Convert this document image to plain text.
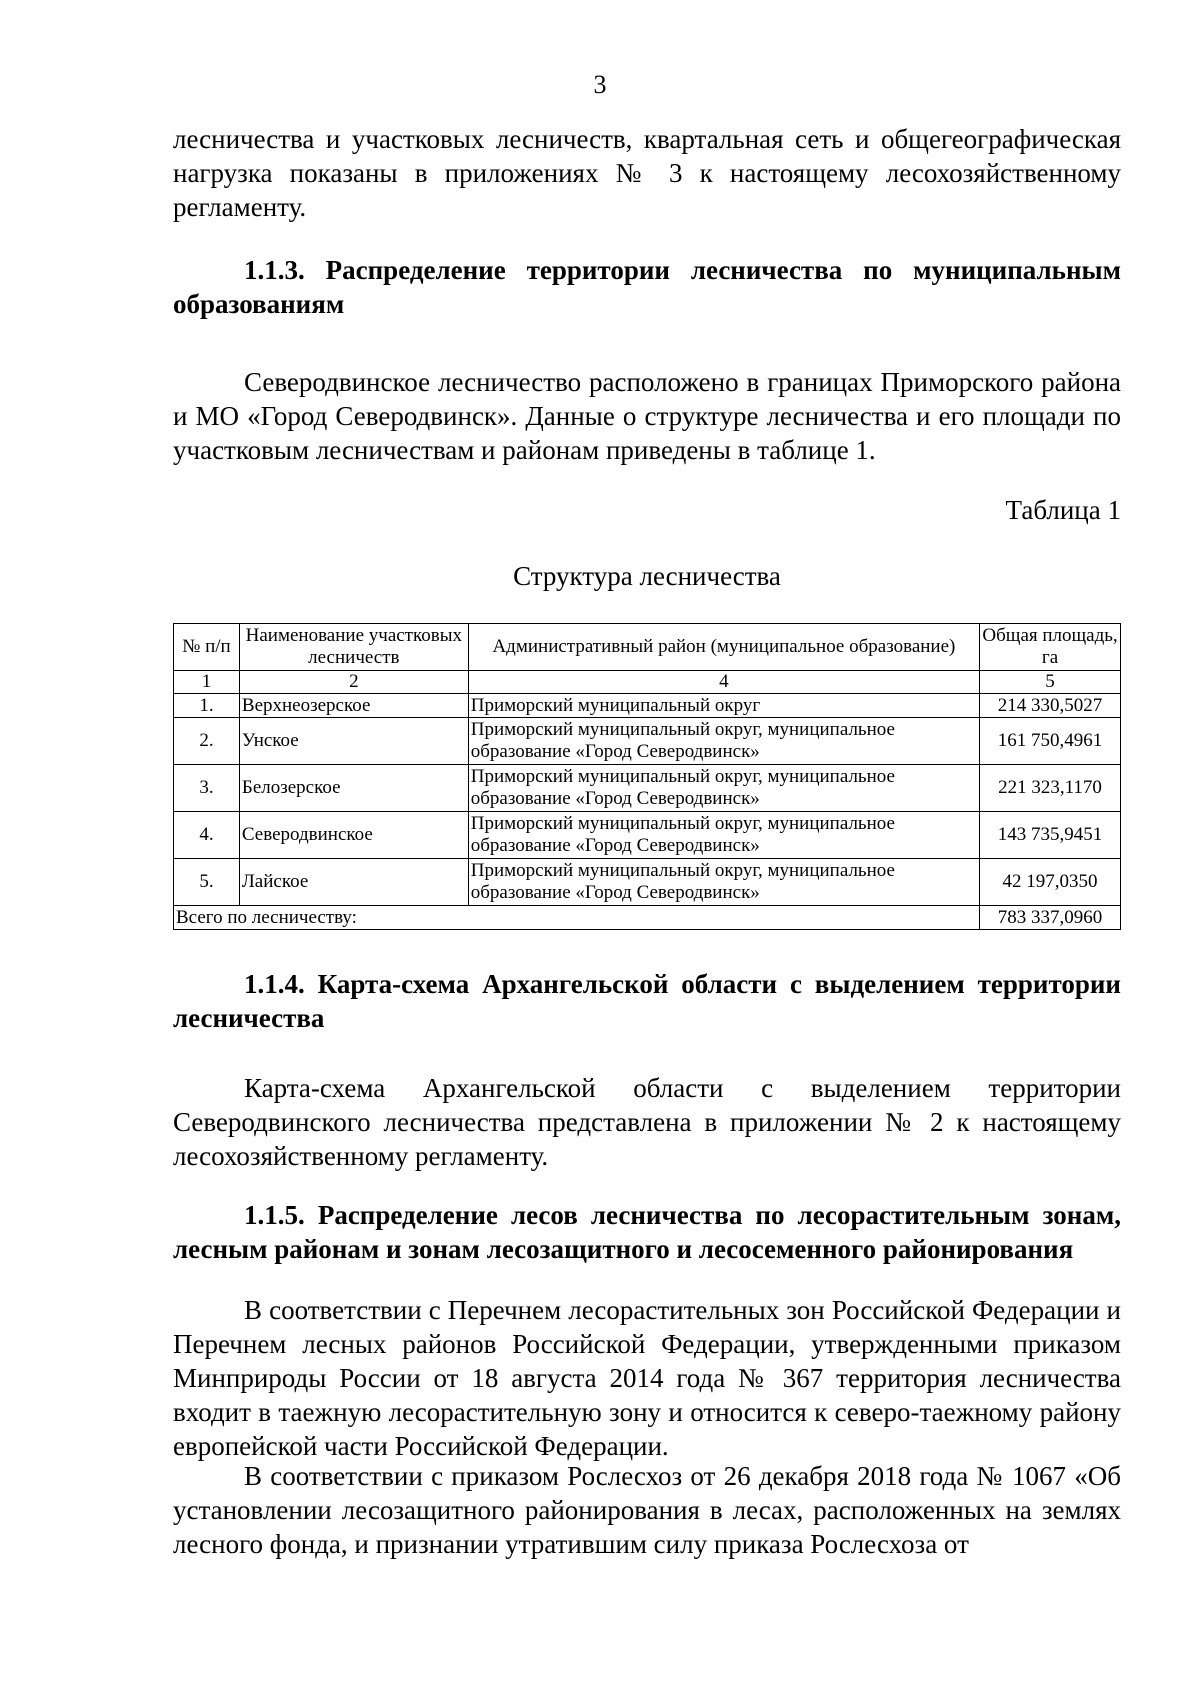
3

лесничества и участковых лесничеств, квартальная сеть и общегеографическая нагрузка показаны в приложениях № 3 к настоящему лесохозяйственному регламенту.

1.1.3. Распределение территории лесничества по муниципальным образованиям

Северодвинское лесничество расположено в границах Приморского района и МО «Город Северодвинск». Данные о структуре лесничества и его площади по участковым лесничествам и районам приведены в таблице 1.

Таблица 1
Структура лесничества
№ п/п	Наименование участковых лесничеств	Административный район (муниципальное образование)	Общая площадь, га
1	2	4	5
1.	Верхнеозерское	Приморский муниципальный округ	214 330,5027
2.	Унское	Приморский муниципальный округ, муниципальное образование «Город Северодвинск»	161 750,4961
3.	Белозерское	Приморский муниципальный округ, муниципальное образование «Город Северодвинск»	221 323,1170
4.	Северодвинское	Приморский муниципальный округ, муниципальное образование «Город Северодвинск»	143 735,9451
5.	Лайское	Приморский муниципальный округ, муниципальное образование «Город Северодвинск»	42 197,0350
Всего по лесничеству:			783 337,0960

1.1.4. Карта-схема Архангельской области с выделением территории лесничества

Карта-схема Архангельской области с выделением территории Северодвинского лесничества представлена в приложении № 2 к настоящему лесохозяйственному регламенту.

1.1.5. Распределение лесов лесничества по лесорастительным зонам, лесным районам и зонам лесозащитного и лесосеменного районирования

В соответствии с Перечнем лесорастительных зон Российской Федерации и Перечнем лесных районов Российской Федерации, утвержденными приказом Минприроды России от 18 августа 2014 года № 367 территория лесничества входит в таежную лесорастительную зону и относится к северо-таежному району европейской части Российской Федерации.

В соответствии с приказом Рослесхоз от 26 декабря 2018 года № 1067 «Об установлении лесозащитного районирования в лесах, расположенных на землях лесного фонда, и признании утратившим силу приказа Рослесхоза от
